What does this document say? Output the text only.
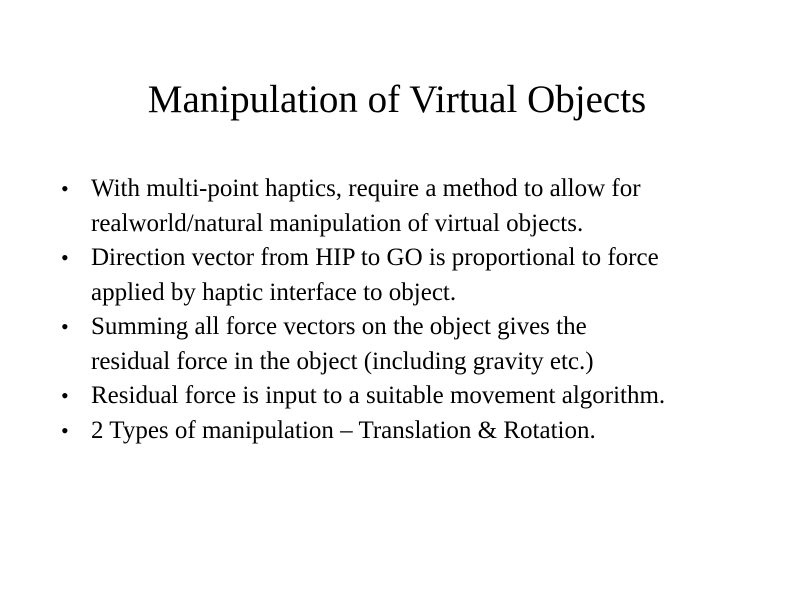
Manipulation of Virtual Objects
• With multi-point haptics, require a method to allow for
realworld/natural manipulation of virtual objects.
• Direction vector from HIP to GO is proportional to force
applied by haptic interface to object.
• Summing all force vectors on the object gives the
residual force in the object (including gravity etc.)
• Residual force is input to a suitable movement algorithm.
• 2 Types of manipulation – Translation & Rotation.
